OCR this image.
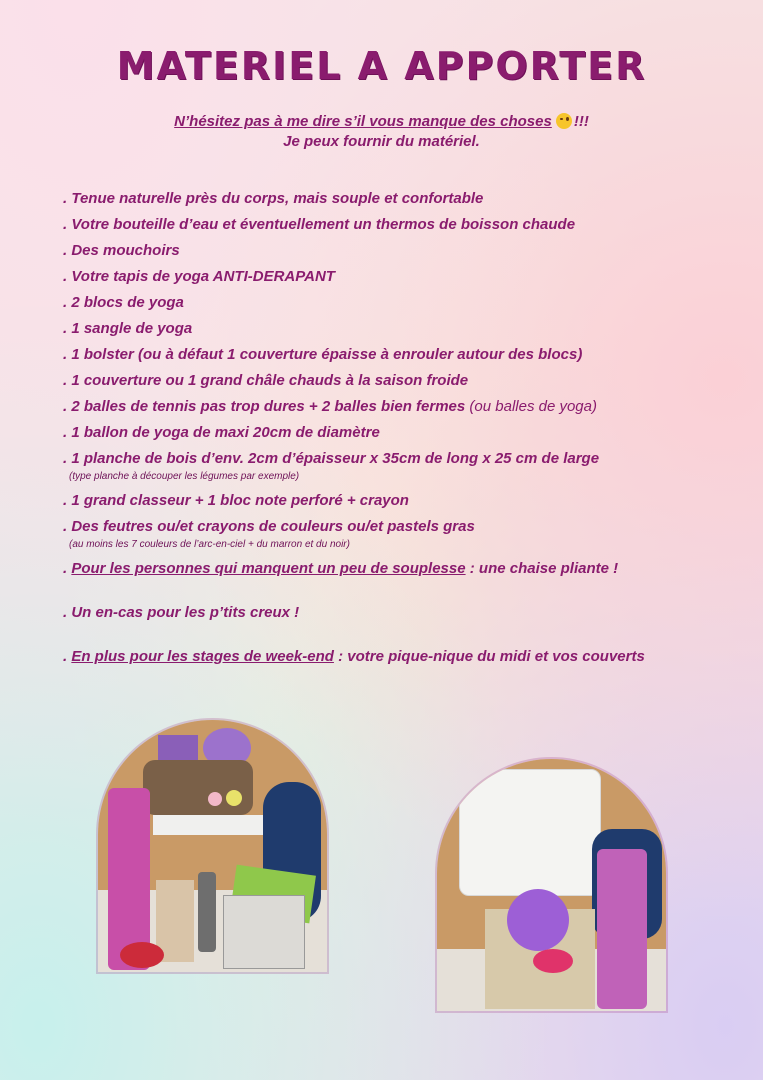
MATERIEL A APPORTER
N’hésitez pas à me dire s’il vous manque des choses !!!
Je peux fournir du matériel.
. Tenue naturelle près du corps, mais souple et confortable
. Votre bouteille d’eau et éventuellement un thermos de boisson chaude
. Des mouchoirs
. Votre tapis de yoga ANTI-DERAPANT
. 2 blocs de yoga
. 1 sangle de yoga
. 1 bolster (ou à défaut 1 couverture épaisse à enrouler autour des blocs)
. 1 couverture ou 1 grand châle chauds à la saison froide
. 2 balles de tennis pas trop dures + 2 balles bien fermes (ou balles de yoga)
. 1 ballon de yoga de maxi 20cm de diamètre
. 1 planche de bois d’env. 2cm d’épaisseur x 35cm de long x 25 cm de large
(type planche à découper les légumes par exemple)
. 1 grand classeur + 1 bloc note perforé + crayon
. Des feutres ou/et crayons de couleurs ou/et pastels gras
(au moins les 7 couleurs de l’arc-en-ciel + du marron et du noir)
. Pour les personnes qui manquent un peu de souplesse : une chaise pliante !
. Un en-cas pour les p’tits creux !
. En plus pour les stages de week-end : votre pique-nique du midi et vos couverts
